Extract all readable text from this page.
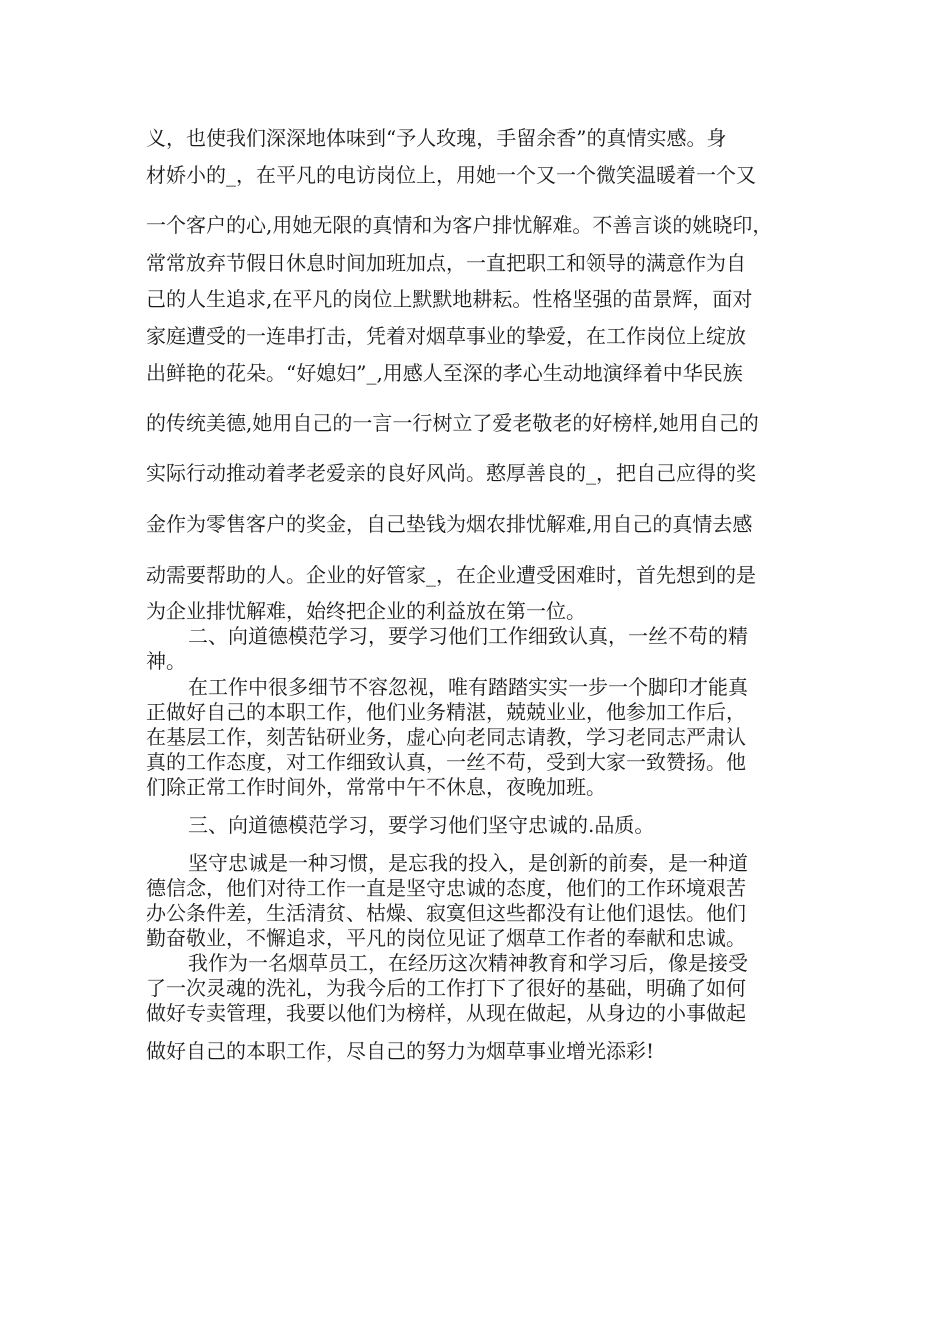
义，也使我们深深地体味到“予人玫瑰，手留余香”的真情实感。身
材娇小的_，在平凡的电访岗位上，用她一个又一个微笑温暖着一个又
一个客户的心,用她无限的真情和为客户排忧解难。不善言谈的姚晓印，
常常放弃节假日休息时间加班加点，一直把职工和领导的满意作为自
己的人生追求,在平凡的岗位上默默地耕耘。性格坚强的苗景辉，面对
家庭遭受的一连串打击，凭着对烟草事业的挚爱，在工作岗位上绽放
出鲜艳的花朵。“好媳妇”_,用感人至深的孝心生动地演绎着中华民族
的传统美德,她用自己的一言一行树立了爱老敬老的好榜样,她用自己的
实际行动推动着孝老爱亲的良好风尚。憨厚善良的_，把自己应得的奖
金作为零售客户的奖金，自己垫钱为烟农排忧解难,用自己的真情去感
动需要帮助的人。企业的好管家_，在企业遭受困难时，首先想到的是
为企业排忧解难，始终把企业的利益放在第一位。
二、向道德模范学习，要学习他们工作细致认真，一丝不苟的精
神。
在工作中很多细节不容忽视，唯有踏踏实实一步一个脚印才能真
正做好自己的本职工作，他们业务精湛，兢兢业业，他参加工作后，
在基层工作，刻苦钻研业务，虚心向老同志请教，学习老同志严肃认
真的工作态度，对工作细致认真，一丝不苟，受到大家一致赞扬。他
们除正常工作时间外，常常中午不休息，夜晚加班。
三、向道德模范学习，要学习他们坚守忠诚的.品质。
坚守忠诚是一种习惯，是忘我的投入，是创新的前奏，是一种道
德信念，他们对待工作一直是坚守忠诚的态度，他们的工作环境艰苦
办公条件差，生活清贫、枯燥、寂寞但这些都没有让他们退怯。他们
勤奋敬业，不懈追求，平凡的岗位见证了烟草工作者的奉献和忠诚。
我作为一名烟草员工，在经历这次精神教育和学习后，像是接受
了一次灵魂的洗礼，为我今后的工作打下了很好的基础，明确了如何
做好专卖管理，我要以他们为榜样，从现在做起，从身边的小事做起
做好自己的本职工作，尽自己的努力为烟草事业增光添彩!
